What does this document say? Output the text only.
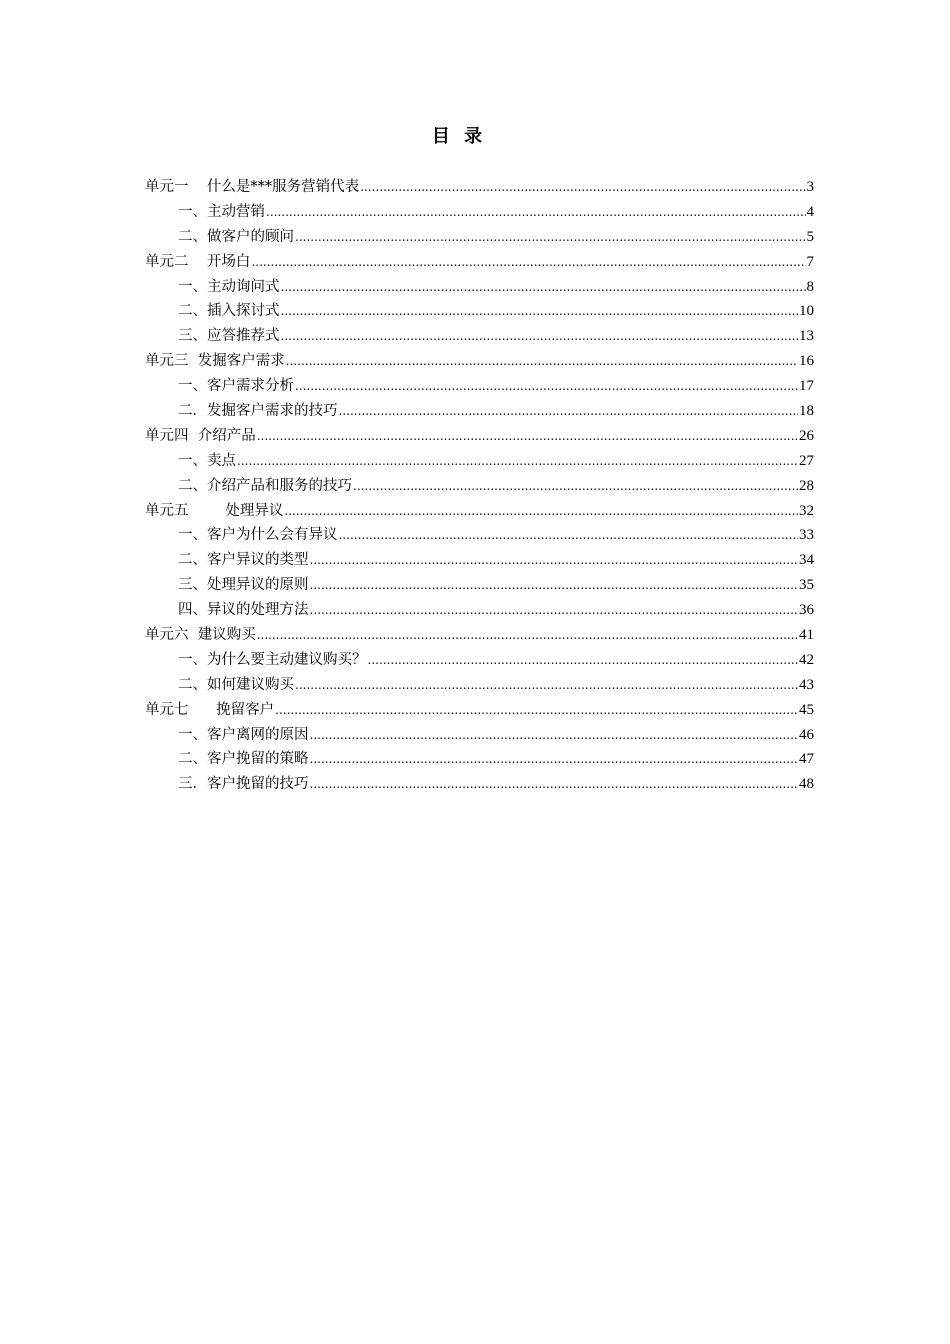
目 录
单元一    什么是***服务营销代表 .....	3
一、主动营销 .....	4
二、做客户的顾问 .....	5
单元二    开场白 .....	7
一、主动询问式 .....	8
二、插入探讨式 .....	10
三、应答推荐式 .....	13
单元三  发掘客户需求 .....	16
一、客户需求分析 .....	17
二．发掘客户需求的技巧 .....	18
单元四  介绍产品 .....	26
一、卖点 .....	27
二、介绍产品和服务的技巧 .....	28
单元五        处理异议 .....	32
一、客户为什么会有异议 .....	33
二、客户异议的类型 .....	34
三、处理异议的原则 .....	35
四、异议的处理方法 .....	36
单元六  建议购买 .....	41
一、为什么要主动建议购买？ .....	42
二、如何建议购买 .....	43
单元七      挽留客户 .....	45
一、客户离网的原因 .....	46
二、客户挽留的策略 .....	47
三．客户挽留的技巧 .....	48
